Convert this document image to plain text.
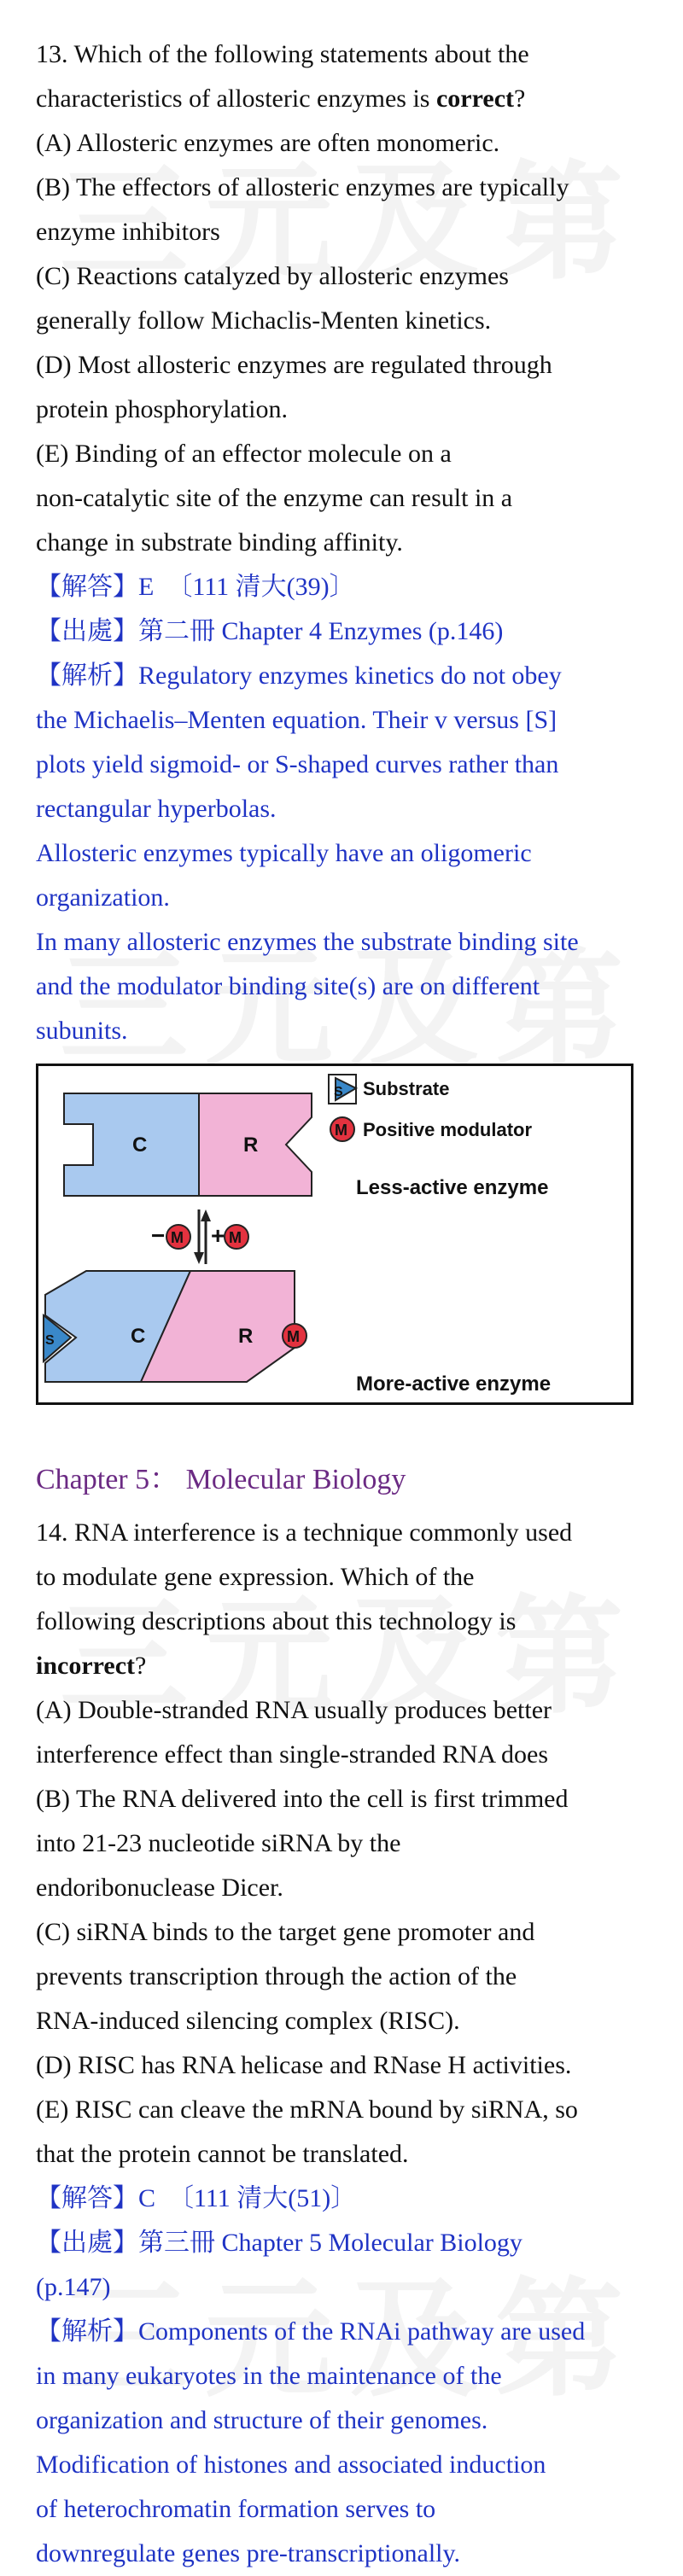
13. Which of the following statements about the
characteristics of allosteric enzymes is correct?
(A) Allosteric enzymes are often monomeric.
(B) The effectors of allosteric enzymes are typically
enzyme inhibitors
(C) Reactions catalyzed by allosteric enzymes
generally follow Michaclis-Menten kinetics.
(D) Most allosteric enzymes are regulated through
protein phosphorylation.
(E) Binding of an effector molecule on a
non-catalytic site of the enzyme can result in a
change in substrate binding affinity.
【解答】E　〔111 清大(39)〕
【出處】第二冊 Chapter 4 Enzymes (p.146)
【解析】Regulatory enzymes kinetics do not obey
the Michaelis–Menten equation. Their v versus [S]
plots yield sigmoid- or S-shaped curves rather than
rectangular hyperbolas.
Allosteric enzymes typically have an oligomeric
organization.
In many allosteric enzymes the substrate binding site
and the modulator binding site(s) are on different
subunits.
C	R
S Substrate
M Positive modulator
Less-active enzyme
− M + M
S	M
C	R
More-active enzyme
Chapter 5： Molecular Biology
14. RNA interference is a technique commonly used
to modulate gene expression. Which of the
following descriptions about this technology is
incorrect?
(A) Double-stranded RNA usually produces better
interference effect than single-stranded RNA does
(B) The RNA delivered into the cell is first trimmed
into 21-23 nucleotide siRNA by the
endoribonuclease Dicer.
(C) siRNA binds to the target gene promoter and
prevents transcription through the action of the
RNA-induced silencing complex (RISC).
(D) RISC has RNA helicase and RNase H activities.
(E) RISC can cleave the mRNA bound by siRNA, so
that the protein cannot be translated.
【解答】C　〔111 清大(51)〕
【出處】第三冊 Chapter 5 Molecular Biology
(p.147)
【解析】Components of the RNAi pathway are used
in many eukaryotes in the maintenance of the
organization and structure of their genomes.
Modification of histones and associated induction
of heterochromatin formation serves to
downregulate genes pre-transcriptionally.
